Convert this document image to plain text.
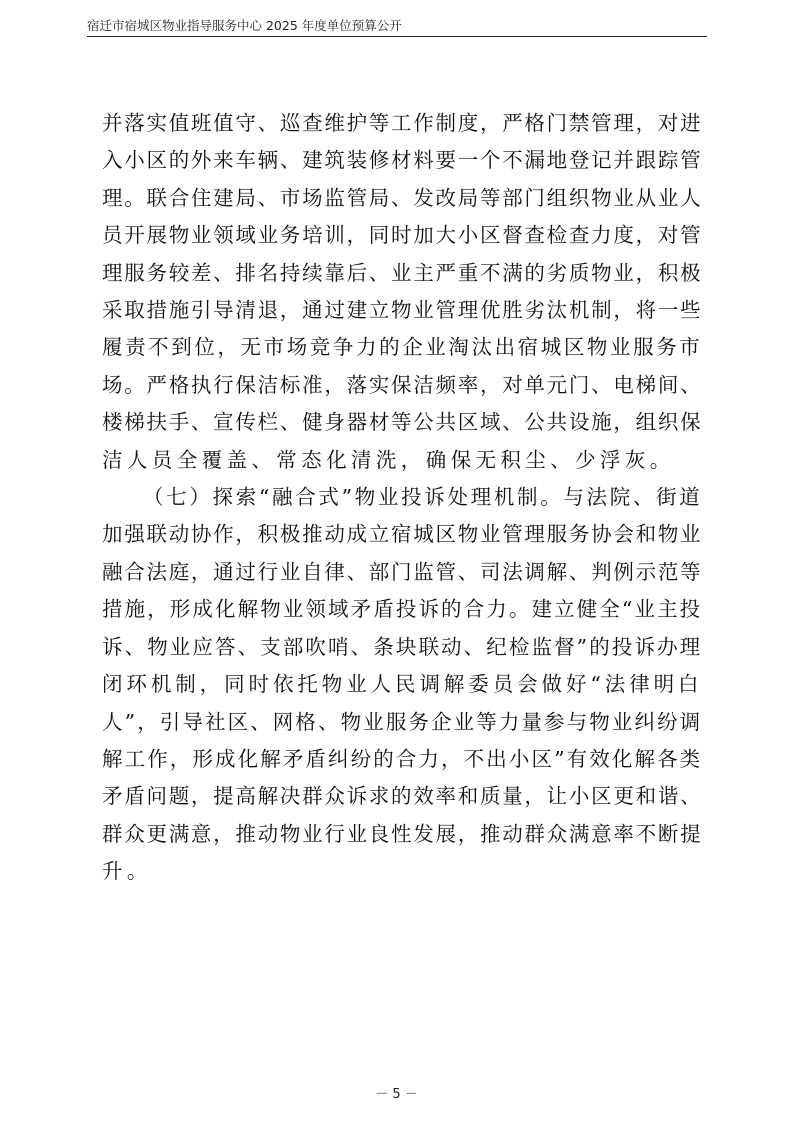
宿迁市宿城区物业指导服务中心 2025 年度单位预算公开

并落实值班值守、巡查维护等工作制度，严格门禁管理，对进
入小区的外来车辆、建筑装修材料要一个不漏地登记并跟踪管
理。联合住建局、市场监管局、发改局等部门组织物业从业人
员开展物业领域业务培训，同时加大小区督查检查力度，对管
理服务较差、排名持续靠后、业主严重不满的劣质物业，积极
采取措施引导清退，通过建立物业管理优胜劣汰机制，将一些
履责不到位，无市场竞争力的企业淘汰出宿城区物业服务市
场。严格执行保洁标准，落实保洁频率，对单元门、电梯间、
楼梯扶手、宣传栏、健身器材等公共区域、公共设施，组织保
洁人员全覆盖、常态化清洗，确保无积尘、少浮灰。

（七）探索“融合式”物业投诉处理机制。与法院、街道
加强联动协作，积极推动成立宿城区物业管理服务协会和物业
融合法庭，通过行业自律、部门监管、司法调解、判例示范等
措施，形成化解物业领域矛盾投诉的合力。建立健全“业主投
诉、物业应答、支部吹哨、条块联动、纪检监督”的投诉办理
闭环机制，同时依托物业人民调解委员会做好“法律明白
人”，引导社区、网格、物业服务企业等力量参与物业纠纷调
解工作，形成化解矛盾纠纷的合力，不出小区”有效化解各类
矛盾问题，提高解决群众诉求的效率和质量，让小区更和谐、
群众更满意，推动物业行业良性发展，推动群众满意率不断提
升。

－ 5 －
